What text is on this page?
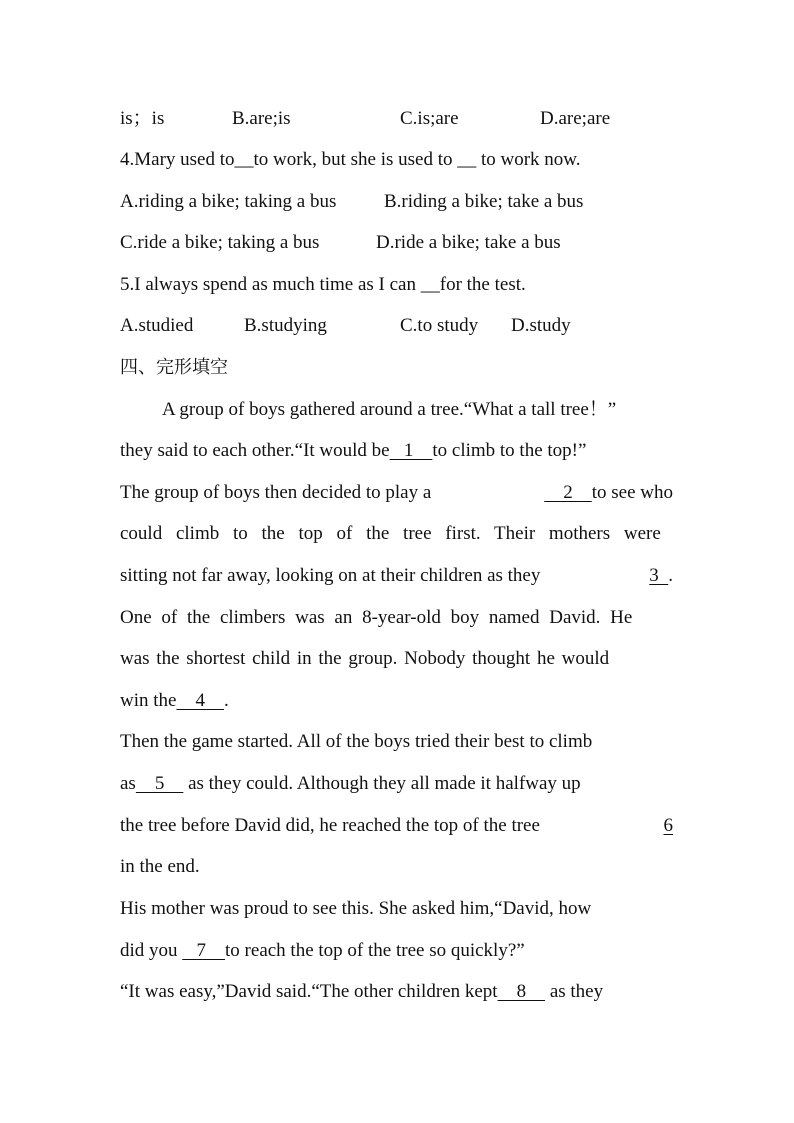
is；is	B.are;is	C.is;are	D.are;are
4.Mary used to__to work, but she is used to __ to work now.
A.riding a bike; taking a bus	B.riding a bike; take a bus
C.ride a bike; taking a bus	D.ride a bike; take a bus
5.I always spend as much time as I can __for the test.
A.studied	B.studying	C.to study D.study
四、完形填空
A group of boys gathered around a tree.“What a tall tree！”
they said to each other.“It would be   1    to climb to the top!”
The group of boys then decided to play a	2    to see who
could climb to the top of the tree first. Their mothers were
sitting not far away, looking on at their children as they	3  .
One of the climbers was an 8-year-old boy named David. He
was the shortest child in the group. Nobody thought he would
win the    4    .
Then the game started. All of the boys tried their best to climb
as    5     as they could. Although they all made it halfway up
the tree before David did, he reached the top of the tree	6
in the end.
His mother was proud to see this. She asked him,“David, how
did you    7    to reach the top of the tree so quickly?”
“It was easy,”David said.“The other children kept    8     as they
